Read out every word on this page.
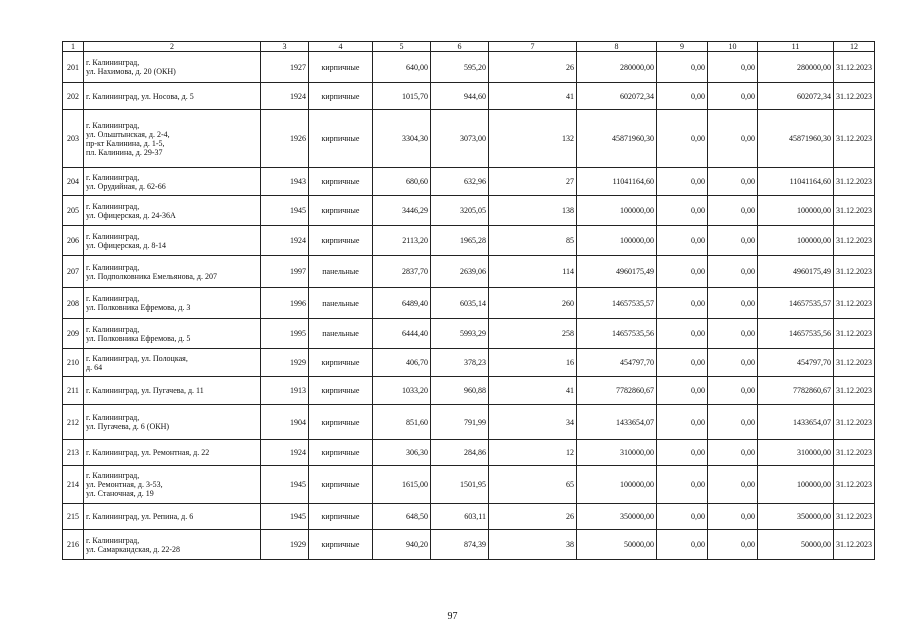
1	2	3	4	5	6	7	8	9	10	11	12
201	г. Калининград,
ул. Нахимова, д. 20 (ОКН)	1927	кирпичные	640,00	595,20	26	280000,00	0,00	0,00	280000,00	31.12.2023
202	г. Калининград, ул. Носова, д. 5	1924	кирпичные	1015,70	944,60	41	602072,34	0,00	0,00	602072,34	31.12.2023
203	г. Калининград,
ул. Ольштынская, д. 2-4,
пр-кт Калинина, д. 1-5,
пл. Калинина, д. 29-37	1926	кирпичные	3304,30	3073,00	132	45871960,30	0,00	0,00	45871960,30	31.12.2023
204	г. Калининград,
ул. Орудийная, д. 62-66	1943	кирпичные	680,60	632,96	27	11041164,60	0,00	0,00	11041164,60	31.12.2023
205	г. Калининград,
ул. Офицерская, д. 24-36А	1945	кирпичные	3446,29	3205,05	138	100000,00	0,00	0,00	100000,00	31.12.2023
206	г. Калининград,
ул. Офицерская, д. 8-14	1924	кирпичные	2113,20	1965,28	85	100000,00	0,00	0,00	100000,00	31.12.2023
207	г. Калининград,
ул. Подполковника Емельянова, д. 207	1997	панельные	2837,70	2639,06	114	4960175,49	0,00	0,00	4960175,49	31.12.2023
208	г. Калининград,
ул. Полковника Ефремова, д. 3	1996	панельные	6489,40	6035,14	260	14657535,57	0,00	0,00	14657535,57	31.12.2023
209	г. Калининград,
ул. Полковника Ефремова, д. 5	1995	панельные	6444,40	5993,29	258	14657535,56	0,00	0,00	14657535,56	31.12.2023
210	г. Калининград, ул. Полоцкая,
д. 64	1929	кирпичные	406,70	378,23	16	454797,70	0,00	0,00	454797,70	31.12.2023
211	г. Калининград, ул. Пугачева, д. 11	1913	кирпичные	1033,20	960,88	41	7782860,67	0,00	0,00	7782860,67	31.12.2023
212	г. Калининград,
ул. Пугачева, д. 6 (ОКН)	1904	кирпичные	851,60	791,99	34	1433654,07	0,00	0,00	1433654,07	31.12.2023
213	г. Калининград, ул. Ремонтная, д. 22	1924	кирпичные	306,30	284,86	12	310000,00	0,00	0,00	310000,00	31.12.2023
214	г. Калининград,
ул. Ремонтная, д. 3-53,
ул. Станочная, д. 19	1945	кирпичные	1615,00	1501,95	65	100000,00	0,00	0,00	100000,00	31.12.2023
215	г. Калининград, ул. Репина, д. 6	1945	кирпичные	648,50	603,11	26	350000,00	0,00	0,00	350000,00	31.12.2023
216	г. Калининград,
ул. Самаркандская, д. 22-28	1929	кирпичные	940,20	874,39	38	50000,00	0,00	0,00	50000,00	31.12.2023
97
